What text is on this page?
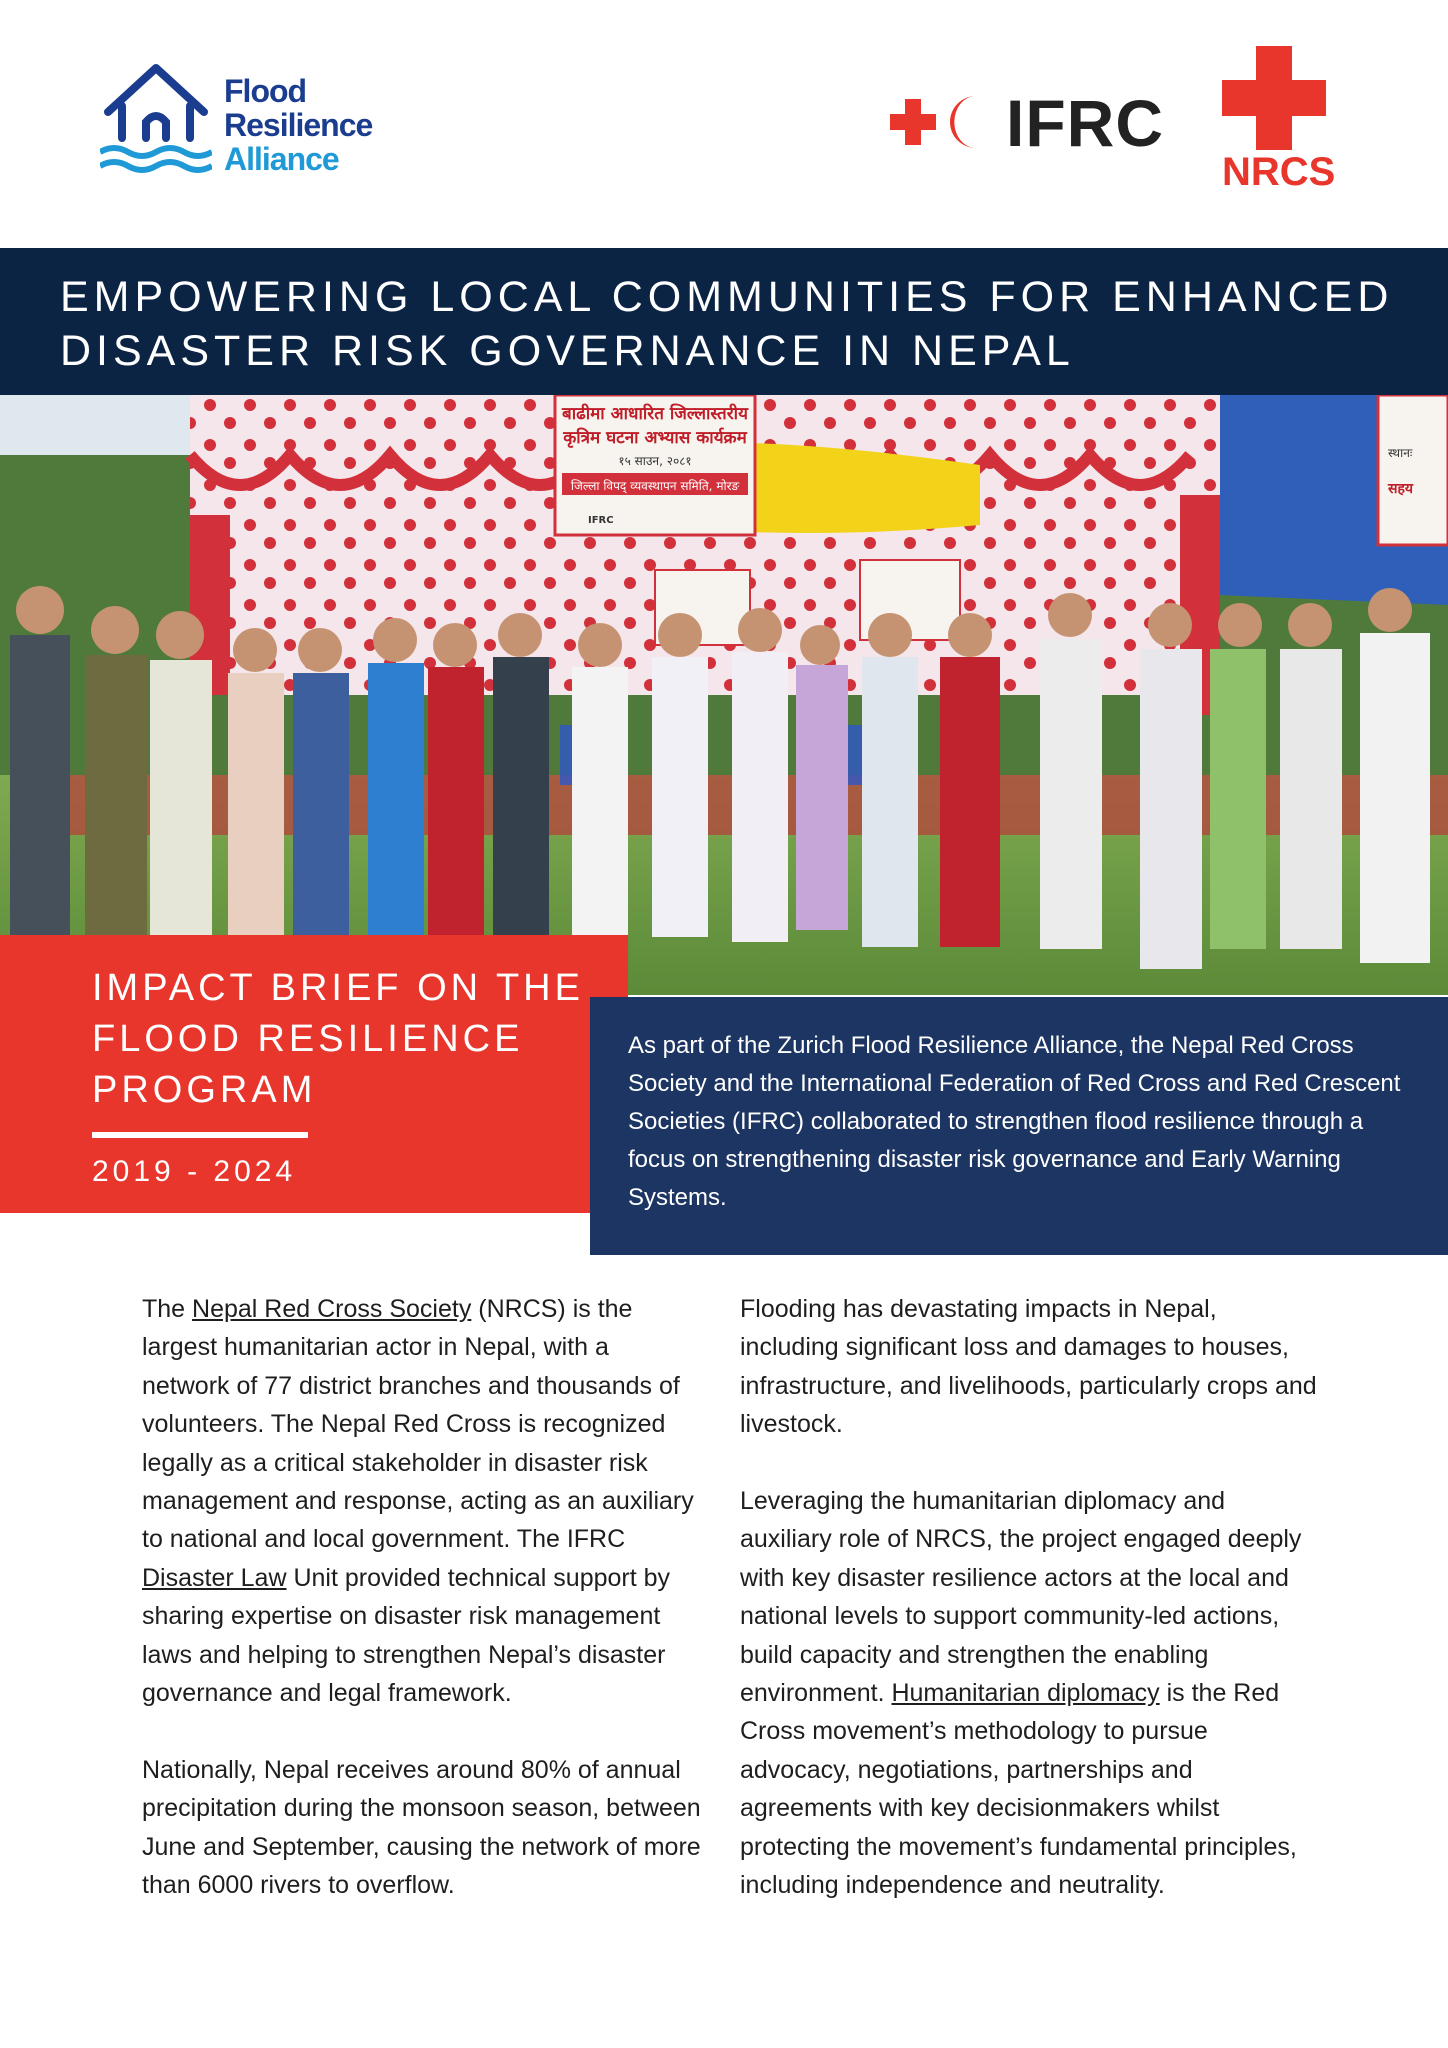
Flood
Resilience
Alliance	IFRC
NRCS
EMPOWERING LOCAL COMMUNITIES FOR ENHANCED DISASTER RISK GOVERNANCE IN NEPAL
बाढीमा आधारित जिल्लास्तरीय
कृत्रिम घटना अभ्यास कार्यक्रम
१५ साउन, २०८१
जिल्ला विपद् व्यवस्थापन समिति, मोरङ
IFRC
स्थानः
सहय
IMPACT BRIEF ON THE FLOOD RESILIENCE PROGRAM
2019 - 2024

As part of the Zurich Flood Resilience Alliance, the Nepal Red Cross Society and the International Federation of Red Cross and Red Crescent Societies (IFRC) collaborated to strengthen flood resilience through a focus on strengthening disaster risk governance and Early Warning Systems.

The Nepal Red Cross Society (NRCS) is the largest humanitarian actor in Nepal, with a network of 77 district branches and thousands of volunteers. The Nepal Red Cross is recognized legally as a critical stakeholder in disaster risk management and response, acting as an auxiliary to national and local government. The IFRC Disaster Law Unit provided technical support by sharing expertise on disaster risk management laws and helping to strengthen Nepal’s disaster governance and legal framework.

Nationally, Nepal receives around 80% of annual precipitation during the monsoon season, between June and September, causing the network of more than 6000 rivers to overflow.

Flooding has devastating impacts in Nepal, including significant loss and damages to houses, infrastructure, and livelihoods, particularly crops and livestock.

Leveraging the humanitarian diplomacy and auxiliary role of NRCS, the project engaged deeply with key disaster resilience actors at the local and national levels to support community-led actions, build capacity and strengthen the enabling environment. Humanitarian diplomacy is the Red Cross movement’s methodology to pursue advocacy, negotiations, partnerships and agreements with key decisionmakers whilst protecting the movement’s fundamental principles, including independence and neutrality.
